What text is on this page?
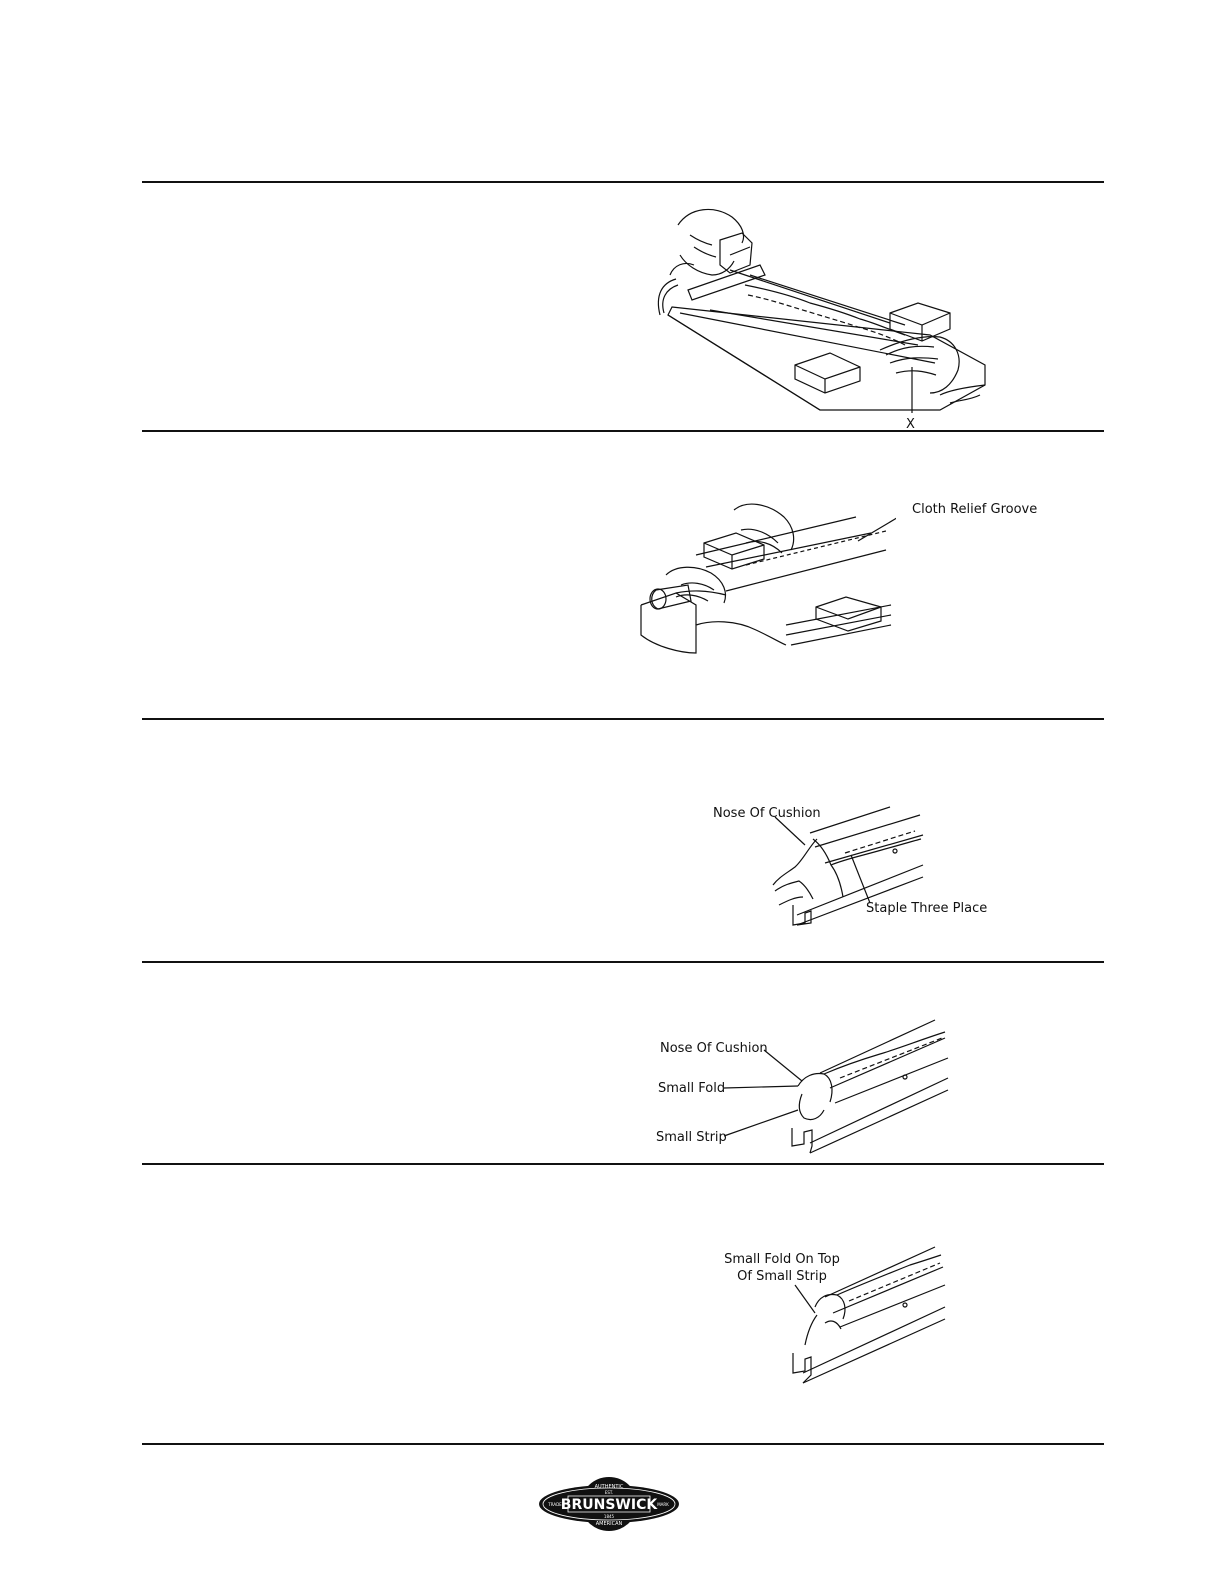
X
Cloth Relief Groove
Nose Of Cushion
Staple Three Place
Nose Of Cushion
Small Fold
Small Strip
Small Fold On Top
Of Small Strip
AUTHENTIC
EST.
BRUNSWICK
1845
AMERICAN
TRADE	MARK
